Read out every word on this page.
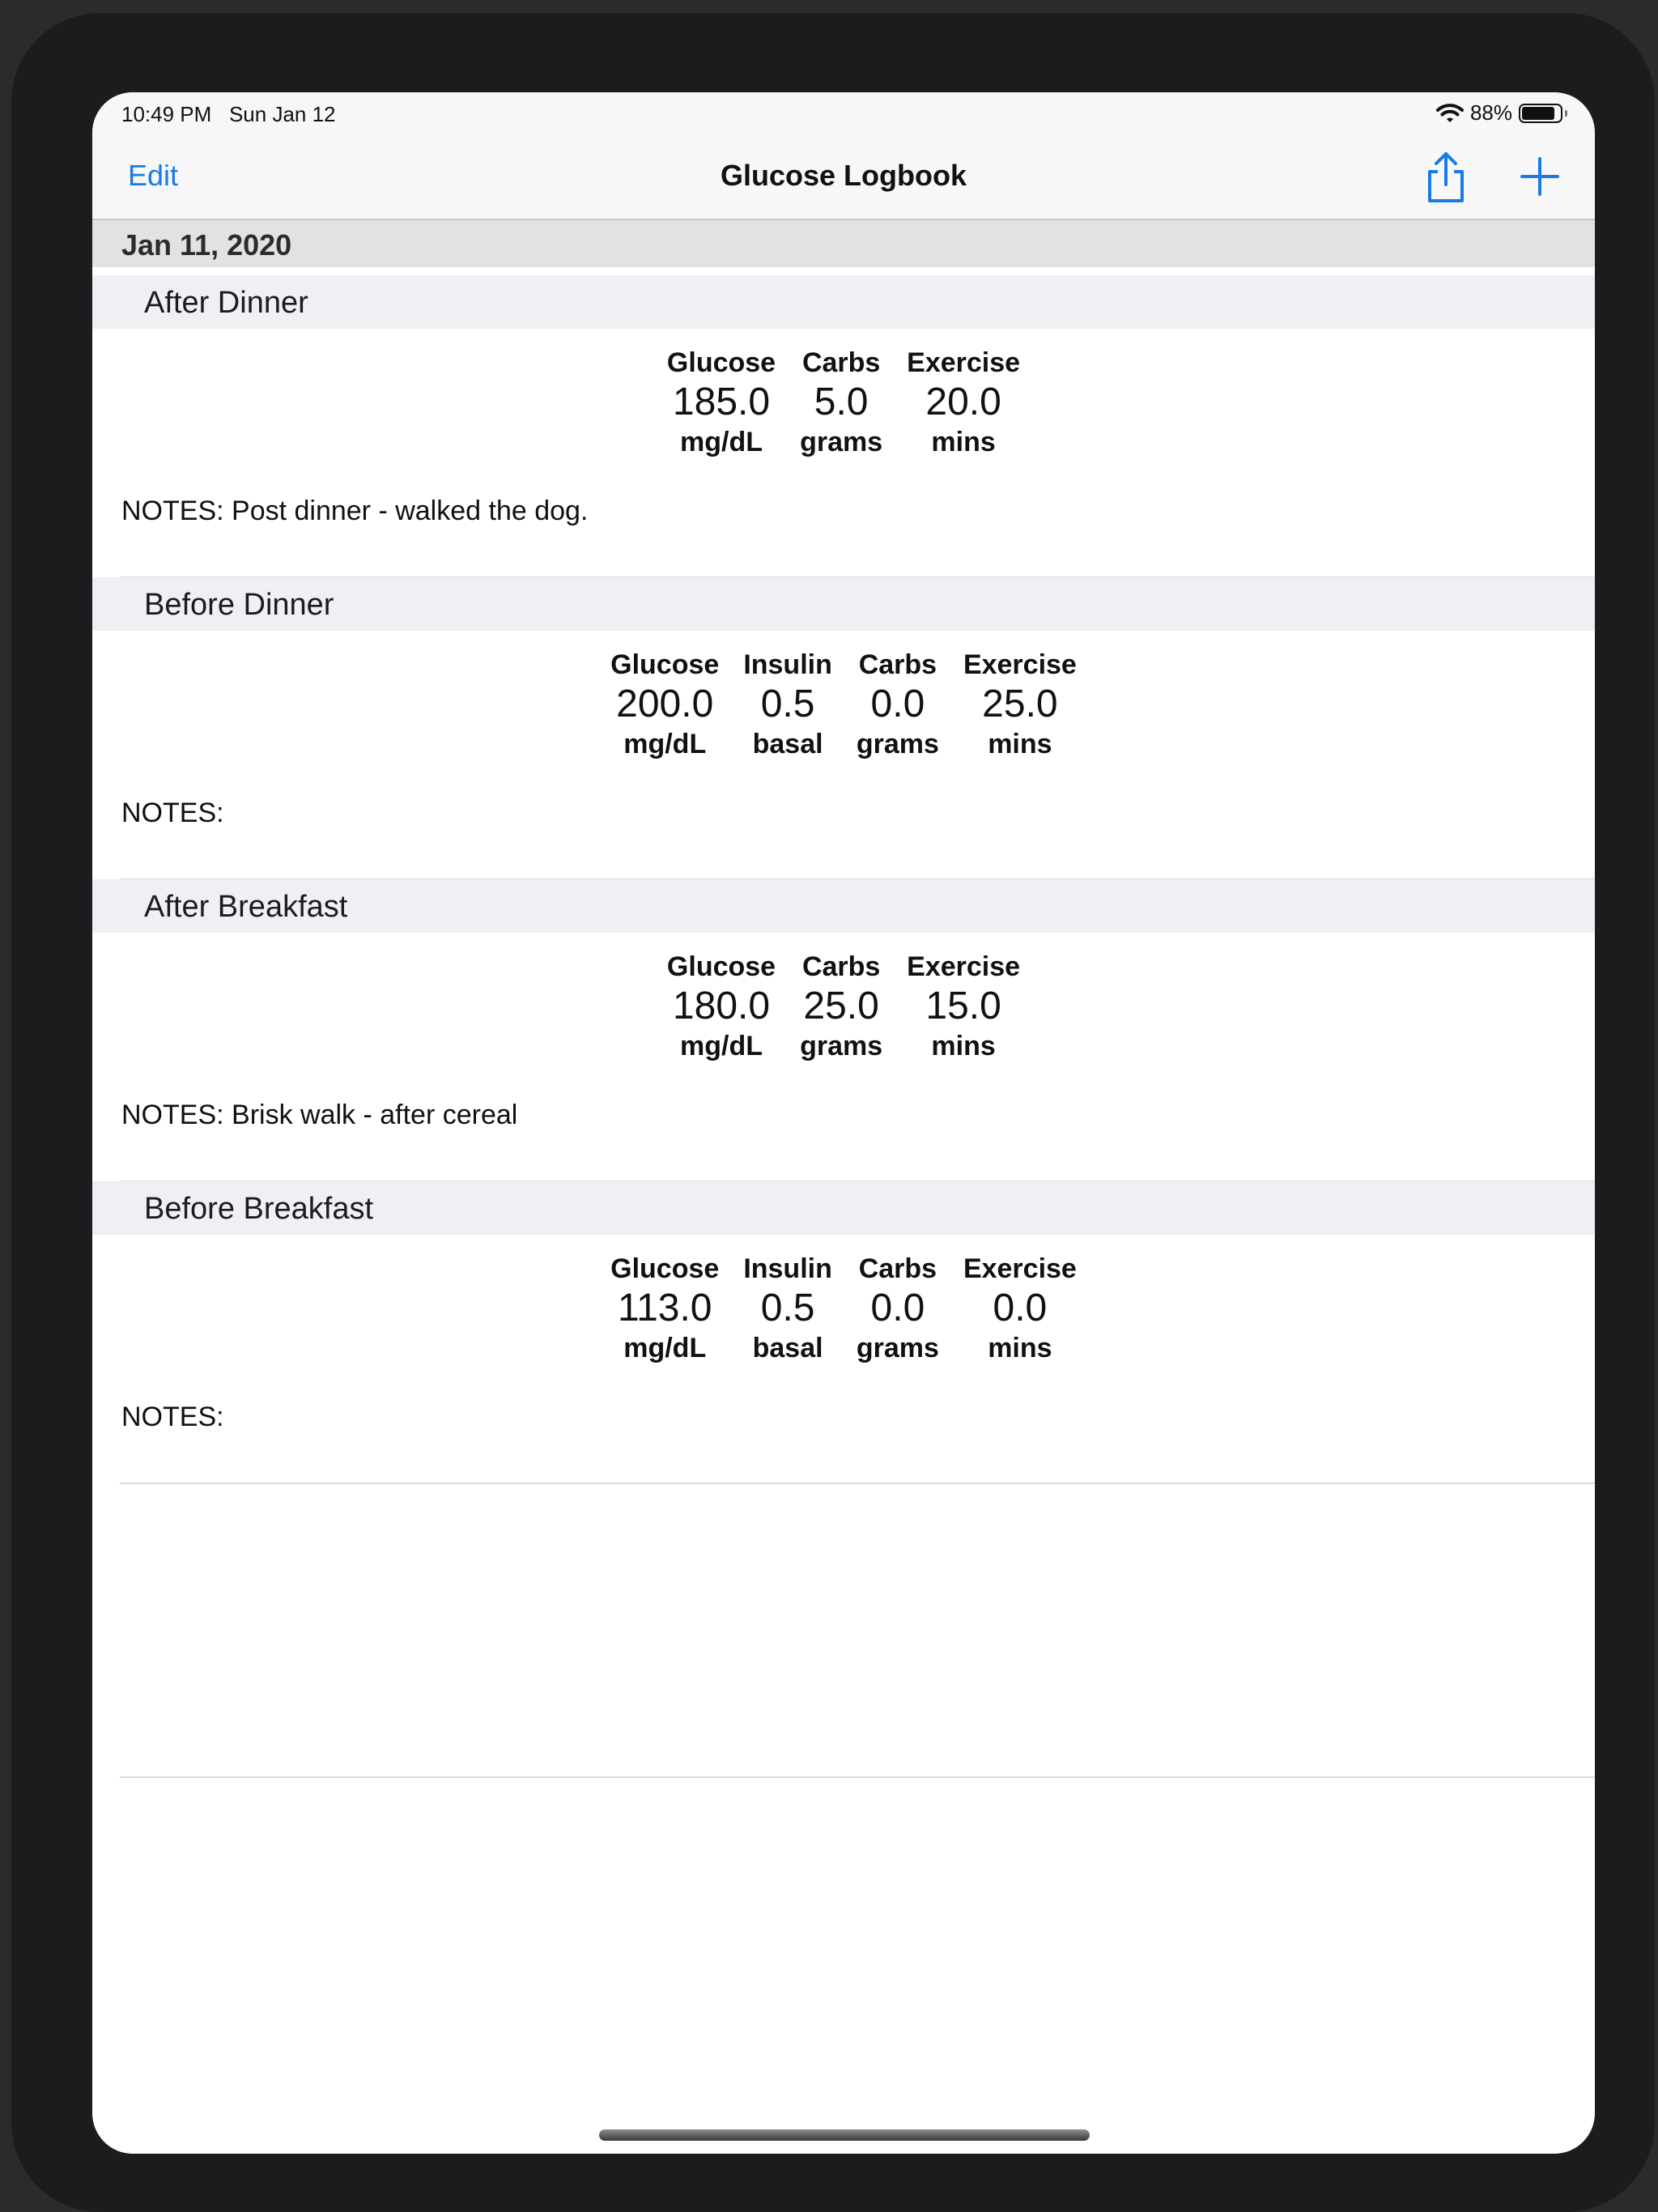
10:49 PM Sun Jan 12	88%
Edit	Glucose Logbook
Jan 11, 2020
After Dinner
Glucose
185.0
mg/dL
Carbs
5.0
grams
Exercise
20.0
mins
NOTES: Post dinner - walked the dog.
Before Dinner
Glucose
200.0
mg/dL
Insulin
0.5
basal
Carbs
0.0
grams
Exercise
25.0
mins
NOTES:
After Breakfast
Glucose
180.0
mg/dL
Carbs
25.0
grams
Exercise
15.0
mins
NOTES: Brisk walk - after cereal
Before Breakfast
Glucose
113.0
mg/dL
Insulin
0.5
basal
Carbs
0.0
grams
Exercise
0.0
mins
NOTES:
